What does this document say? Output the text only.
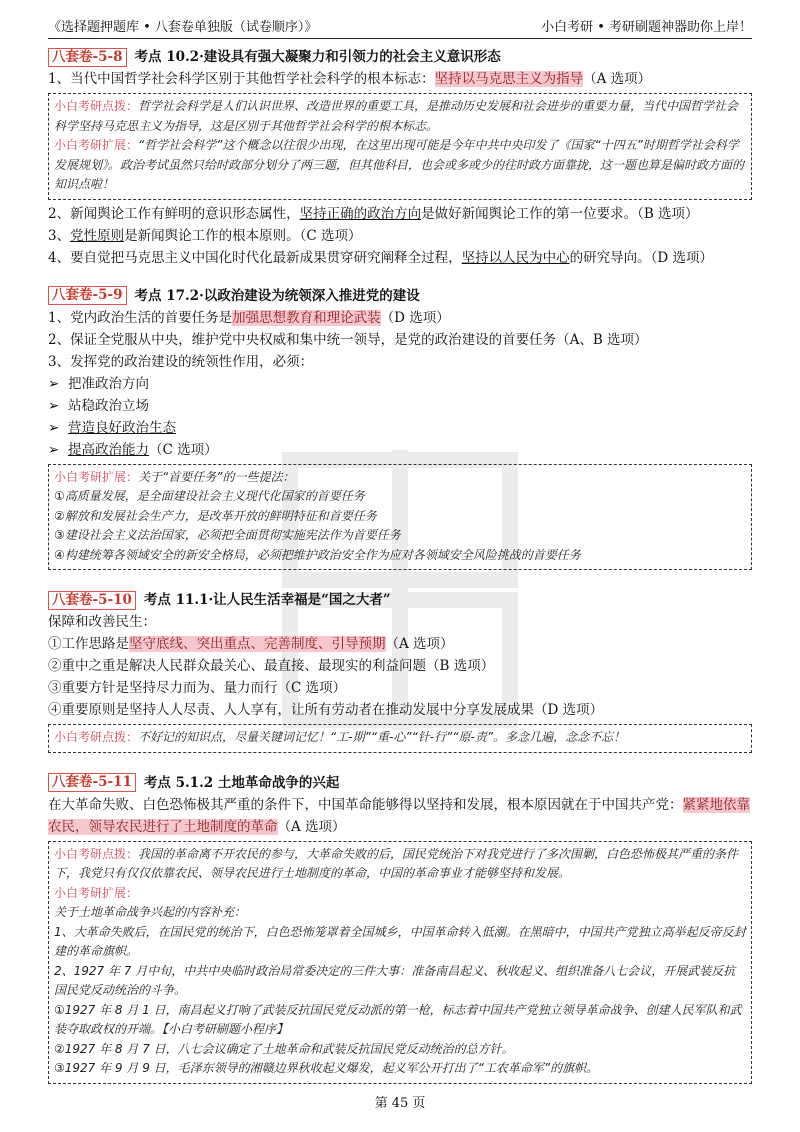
《选择题押题库 • 八套卷单独版（试卷顺序）》	小白考研 • 考研刷题神器助你上岸！
八套卷-5-8 考点 10.2·建设具有强大凝聚力和引领力的社会主义意识形态
1、当代中国哲学社会科学区别于其他哲学社会科学的根本标志：坚持以马克思主义为指导（A 选项）
小白考研点拨：哲学社会科学是人们认识世界、改造世界的重要工具，是推动历史发展和社会进步的重要力量，当代中国哲学社会科学坚持马克思主义为指导，这是区别于其他哲学社会科学的根本标志。
小白考研扩展：“哲学社会科学”这个概念以往很少出现，在这里出现可能是今年中共中央印发了《国家“十四五”时期哲学社会科学发展规划》。政治考试虽然只给时政部分划分了两三题，但其他科目，也会或多或少的往时政方面靠拢，这一题也算是偏时政方面的知识点啦！
2、新闻舆论工作有鲜明的意识形态属性，坚持正确的政治方向是做好新闻舆论工作的第一位要求。（B 选项）
3、党性原则是新闻舆论工作的根本原则。（C 选项）
4、要自觉把马克思主义中国化时代化最新成果贯穿研究阐释全过程，坚持以人民为中心的研究导向。（D 选项）
八套卷-5-9 考点 17.2·以政治建设为统领深入推进党的建设
1、党内政治生活的首要任务是加强思想教育和理论武装（D 选项）
2、保证全党服从中央，维护党中央权威和集中统一领导，是党的政治建设的首要任务（A、B 选项）
3、发挥党的政治建设的统领性作用，必须：
➢ 把准政治方向
➢ 站稳政治立场
➢ 营造良好政治生态
➢ 提高政治能力（C 选项）
小白考研扩展：关于“首要任务”的一些提法：
①高质量发展，是全面建设社会主义现代化国家的首要任务
②解放和发展社会生产力，是改革开放的鲜明特征和首要任务
③建设社会主义法治国家，必须把全面贯彻实施宪法作为首要任务
④构建统筹各领域安全的新安全格局，必须把维护政治安全作为应对各领域安全风险挑战的首要任务
八套卷-5-10 考点 11.1·让人民生活幸福是“国之大者”
保障和改善民生：
①工作思路是坚守底线、突出重点、完善制度、引导预期（A 选项）
②重中之重是解决人民群众最关心、最直接、最现实的利益问题（B 选项）
③重要方针是坚持尽力而为、量力而行（C 选项）
④重要原则是坚持人人尽责、人人享有，让所有劳动者在推动发展中分享发展成果（D 选项）
小白考研点拨：不好记的知识点，尽量关键词记忆！“工-期”“重-心”“针-行”“原-责”。多念几遍，念念不忘！
八套卷-5-11 考点 5.1.2 土地革命战争的兴起
在大革命失败、白色恐怖极其严重的条件下，中国革命能够得以坚持和发展，根本原因就在于中国共产党：紧紧地依靠农民，领导农民进行了土地制度的革命（A 选项）
小白考研点拨：我国的革命离不开农民的参与，大革命失败的后，国民党统治下对我党进行了多次围剿，白色恐怖极其严重的条件下，我党只有仅仅依靠农民、领导农民进行土地制度的革命，中国的革命事业才能够坚持和发展。
小白考研扩展：
关于土地革命战争兴起的内容补充：
1、大革命失败后，在国民党的统治下，白色恐怖笼罩着全国城乡，中国革命转入低潮。在黑暗中，中国共产党独立高举起反帝反封建的革命旗帜。
2、1927 年 7 月中旬，中共中央临时政治局常委决定的三件大事：准备南昌起义、秋收起义、组织准备八七会议，开展武装反抗国民党反动统治的斗争。
①1927 年 8 月 1 日，南昌起义打响了武装反抗国民党反动派的第一枪，标志着中国共产党独立领导革命战争、创建人民军队和武装夺取政权的开端。【小白考研刷题小程序】
②1927 年 8 月 7 日，八七会议确定了土地革命和武装反抗国民党反动统治的总方针。
③1927 年 9 月 9 日，毛泽东领导的湘赣边界秋收起义爆发，起义军公开打出了“工农革命军”的旗帜。
第 45 页
